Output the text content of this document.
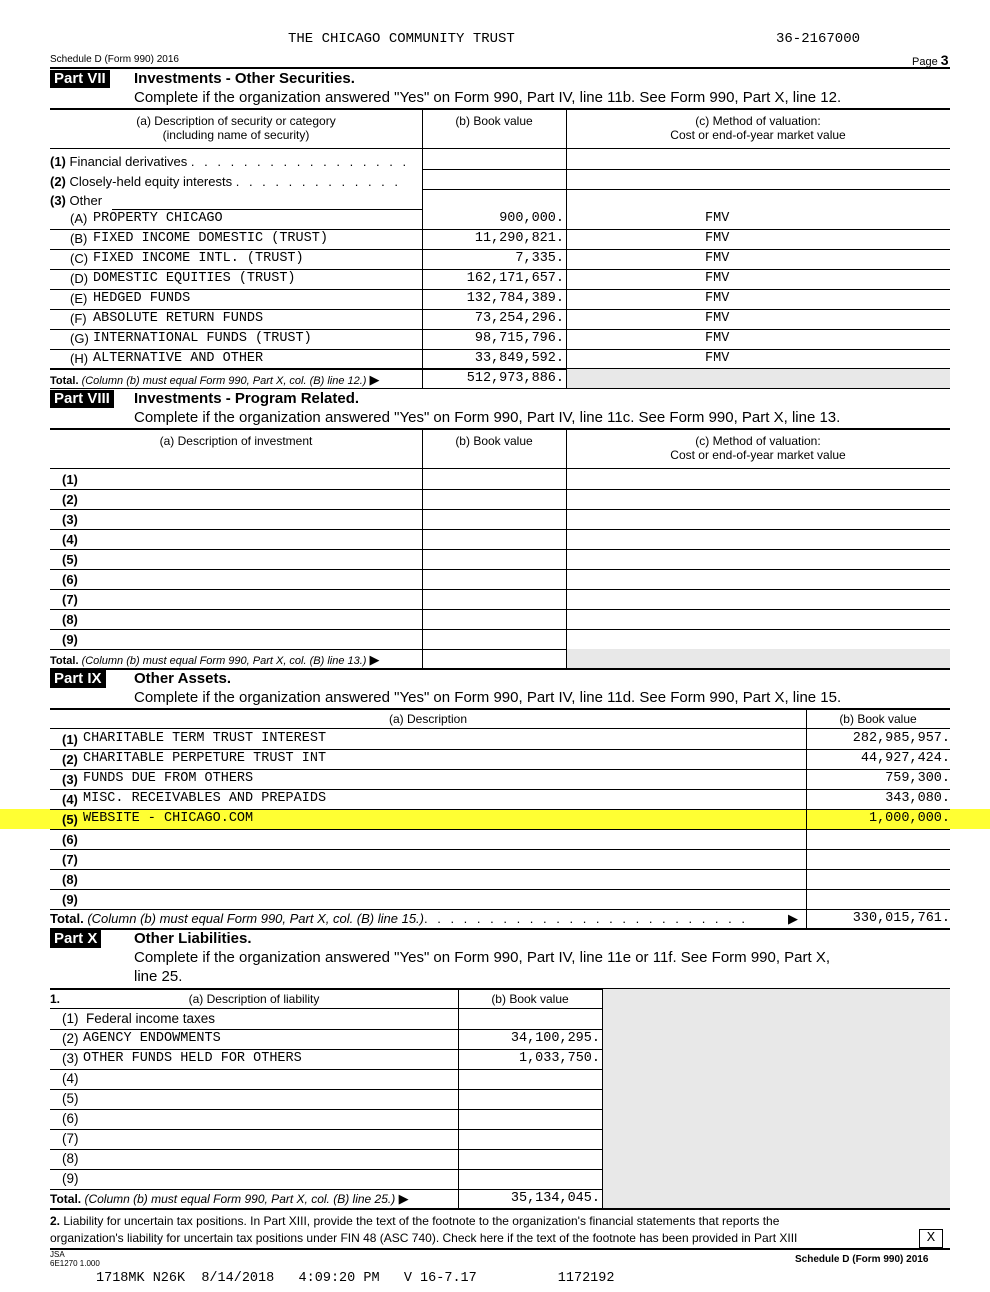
THE CHICAGO COMMUNITY TRUST	36-2167000
Schedule D (Form 990) 2016	Page 3
Part VII Investments - Other Securities.
Complete if the organization answered "Yes" on Form 990, Part IV, line 11b. See Form 990, Part X, line 12.
(a) Description of security or category
(including name of security)
(b) Book value	(c) Method of valuation:
Cost or end-of-year market value
(1) Financial derivatives . . . . . . . . . . . . . . . . .
(2) Closely-held equity interests . . . . . . . . . . . . .
(3) Other
(A) PROPERTY CHICAGO	900,000.	FMV
(B) FIXED INCOME DOMESTIC (TRUST)	11,290,821.	FMV
(C) FIXED INCOME INTL. (TRUST)	7,335.	FMV
(D) DOMESTIC EQUITIES (TRUST)	162,171,657.	FMV
(E) HEDGED FUNDS	132,784,389.	FMV
(F) ABSOLUTE RETURN FUNDS	73,254,296.	FMV
(G) INTERNATIONAL FUNDS (TRUST)	98,715,796.	FMV
(H) ALTERNATIVE AND OTHER	33,849,592.	FMV
Total. (Column (b) must equal Form 990, Part X, col. (B) line 12.) ▶	512,973,886.
Part VIII Investments - Program Related.
Complete if the organization answered "Yes" on Form 990, Part IV, line 11c. See Form 990, Part X, line 13.
(a) Description of investment	(b) Book value	(c) Method of valuation:
Cost or end-of-year market value
(1)
(2)
(3)
(4)
(5)
(6)
(7)
(8)
(9)
Total. (Column (b) must equal Form 990, Part X, col. (B) line 13.) ▶
Part IX Other Assets.
Complete if the organization answered "Yes" on Form 990, Part IV, line 11d. See Form 990, Part X, line 15.
(a) Description	(b) Book value
(1) CHARITABLE TERM TRUST INTEREST	282,985,957.
(2) CHARITABLE PERPETURE TRUST INT	44,927,424.
(3) FUNDS DUE FROM OTHERS	759,300.
(4) MISC. RECEIVABLES AND PREPAIDS	343,080.
(5) WEBSITE - CHICAGO.COM	1,000,000.
(6)
(7)
(8)
(9)
Total. (Column (b) must equal Form 990, Part X, col. (B) line 15.). . . . . . . . . . . . . . . . . . . . . . . . .	▶	330,015,761.
Part X Other Liabilities.
Complete if the organization answered "Yes" on Form 990, Part IV, line 11e or 11f. See Form 990, Part X,
line 25.
1.	(a) Description of liability	(b) Book value
(1) Federal income taxes
(2) AGENCY ENDOWMENTS	34,100,295.
(3) OTHER FUNDS HELD FOR OTHERS	1,033,750.
(4)
(5)
(6)
(7)
(8)
(9)
Total. (Column (b) must equal Form 990, Part X, col. (B) line 25.) ▶	35,134,045.
2. Liability for uncertain tax positions. In Part XIII, provide the text of the footnote to the organization's financial statements that reports the
organization's liability for uncertain tax positions under FIN 48 (ASC 740). Check here if the text of the footnote has been provided in Part XIII	X
JSA
6E1270 1.000	Schedule D (Form 990) 2016
1718MK N26K  8/14/2018   4:09:20 PM   V 16-7.17          1172192
